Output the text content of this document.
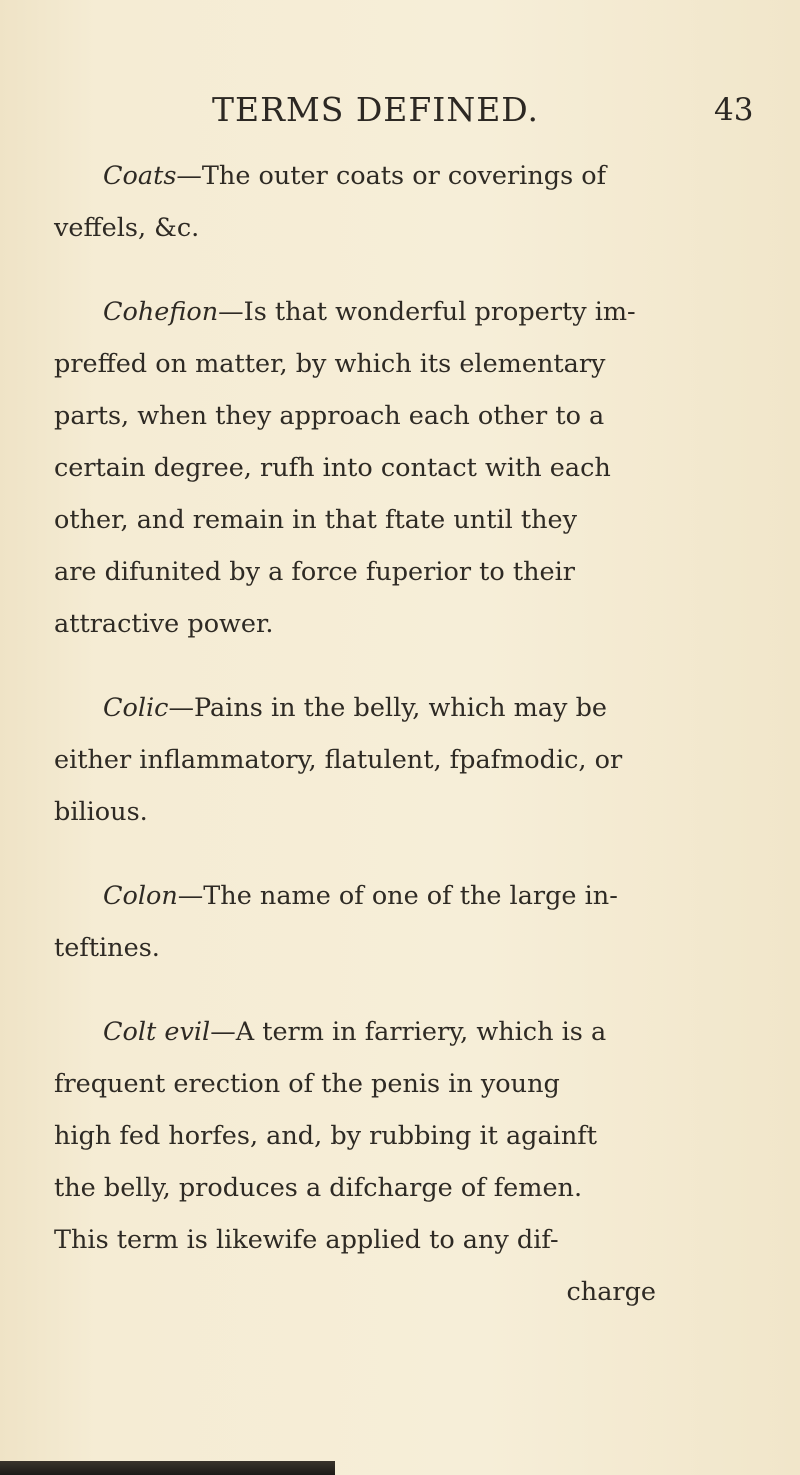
TERMS DEFINED.	43
Coats—The outer coats or coverings of
veffels, &c.
Cohefion—Is that wonderful property im-
preffed on matter, by which its elementary
parts, when they approach each other to a
certain degree, rufh into contact with each
other, and remain in that ftate until they
are difunited by a force fuperior to their
attractive power.
Colic—Pains in the belly, which may be
either inflammatory, flatulent, fpafmodic, or
bilious.
Colon—The name of one of the large in-
teftines.
Colt evil—A term in farriery, which is a
frequent erection of the penis in young
high fed horfes, and, by rubbing it againft
the belly, produces a difcharge of femen.
This term is likewife applied to any dif-
charge
